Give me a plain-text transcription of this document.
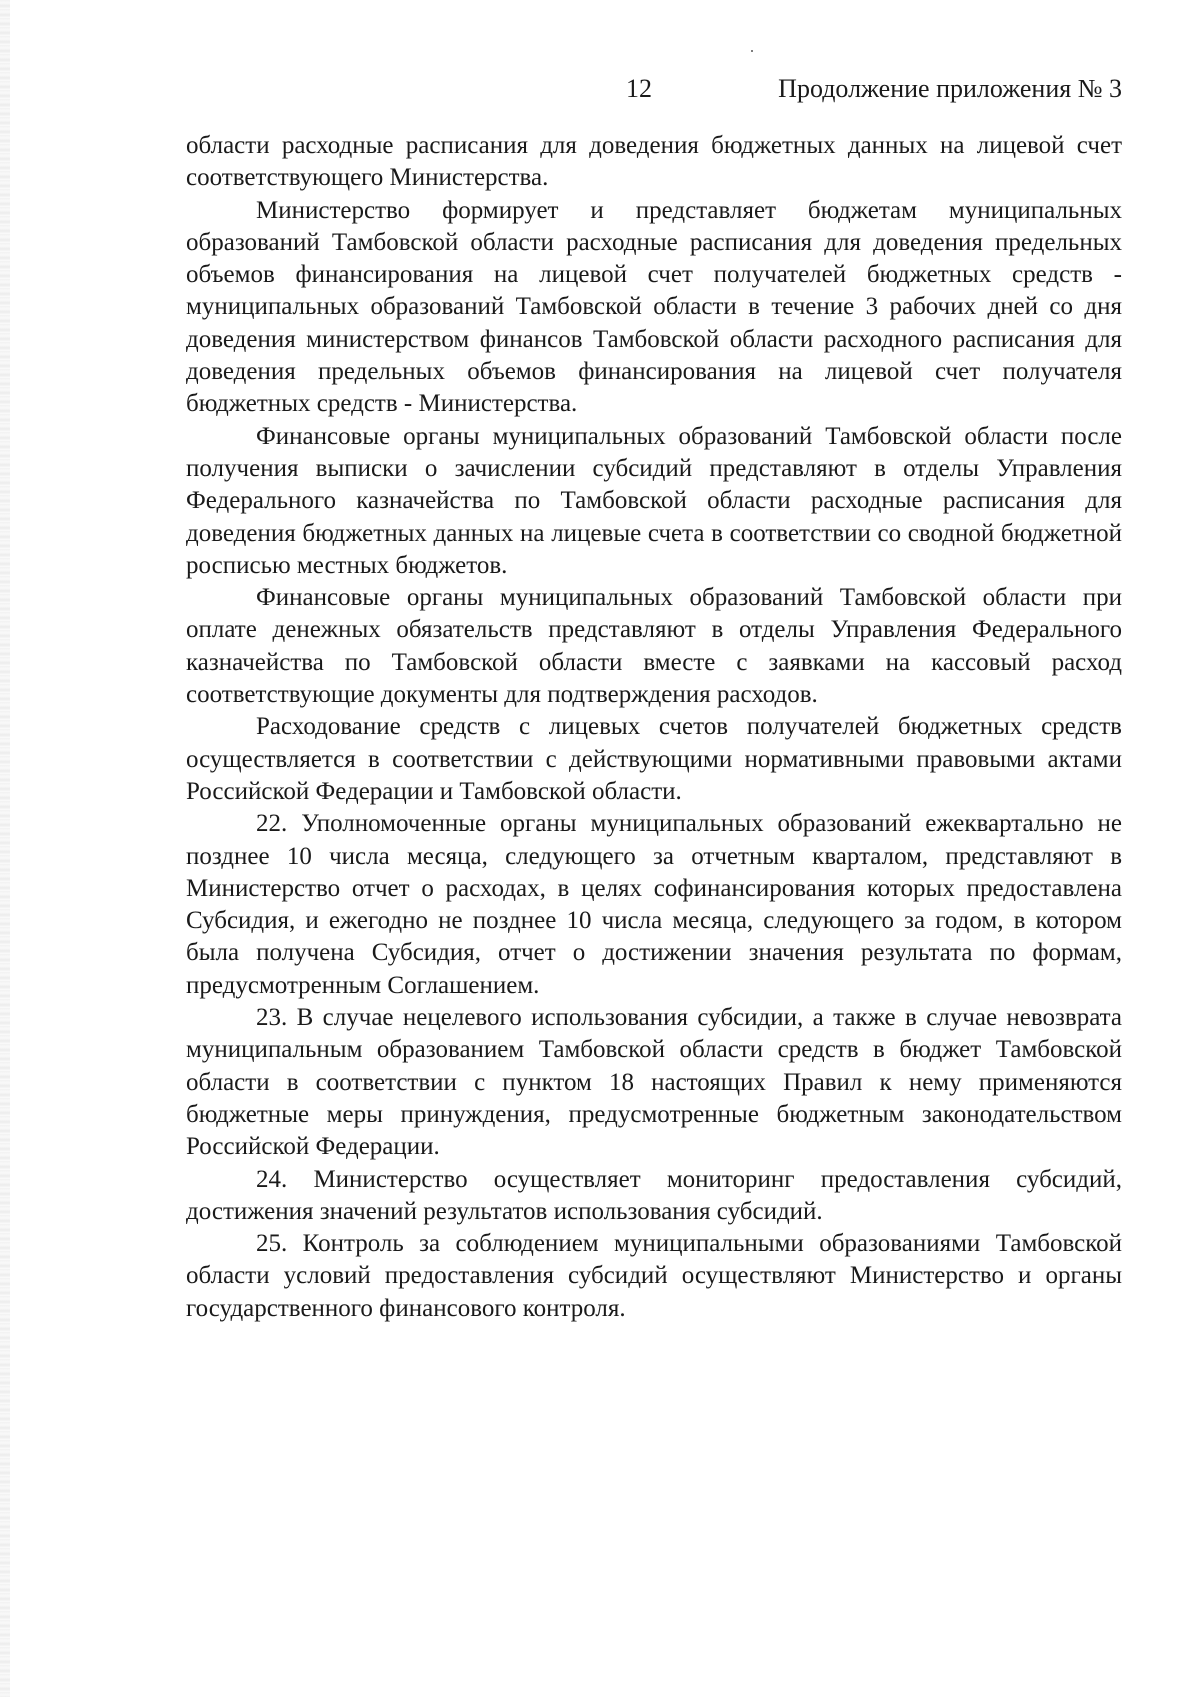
12	Продолжение приложения № 3

области расходные расписания для доведения бюджетных данных на лицевой счет соответствующего Министерства.

Министерство формирует и представляет бюджетам муниципальных образований Тамбовской области расходные расписания для доведения предельных объемов финансирования на лицевой счет получателей бюджетных средств - муниципальных образований Тамбовской области в течение 3 рабочих дней со дня доведения министерством финансов Тамбовской области расходного расписания для доведения предельных объемов финансирования на лицевой счет получателя бюджетных средств - Министерства.

Финансовые органы муниципальных образований Тамбовской области после получения выписки о зачислении субсидий представляют в отделы Управления Федерального казначейства по Тамбовской области расходные расписания для доведения бюджетных данных на лицевые счета в соответствии со сводной бюджетной росписью местных бюджетов.

Финансовые органы муниципальных образований Тамбовской области при оплате денежных обязательств представляют в отделы Управления Федерального казначейства по Тамбовской области вместе с заявками на кассовый расход соответствующие документы для подтверждения расходов.

Расходование средств с лицевых счетов получателей бюджетных средств осуществляется в соответствии с действующими нормативными правовыми актами Российской Федерации и Тамбовской области.

22. Уполномоченные органы муниципальных образований ежеквартально не позднее 10 числа месяца, следующего за отчетным кварталом, представляют в Министерство отчет о расходах, в целях софинансирования которых предоставлена Субсидия, и ежегодно не позднее 10 числа месяца, следующего за годом, в котором была получена Субсидия, отчет о достижении значения результата по формам, предусмотренным Соглашением.

23. В случае нецелевого использования субсидии, а также в случае невозврата муниципальным образованием Тамбовской области средств в бюджет Тамбовской области в соответствии с пунктом 18 настоящих Правил к нему применяются бюджетные меры принуждения, предусмотренные бюджетным законодательством Российской Федерации.

24. Министерство осуществляет мониторинг предоставления субсидий, достижения значений результатов использования субсидий.

25. Контроль за соблюдением муниципальными образованиями Тамбовской области условий предоставления субсидий осуществляют Министерство и органы государственного финансового контроля.
